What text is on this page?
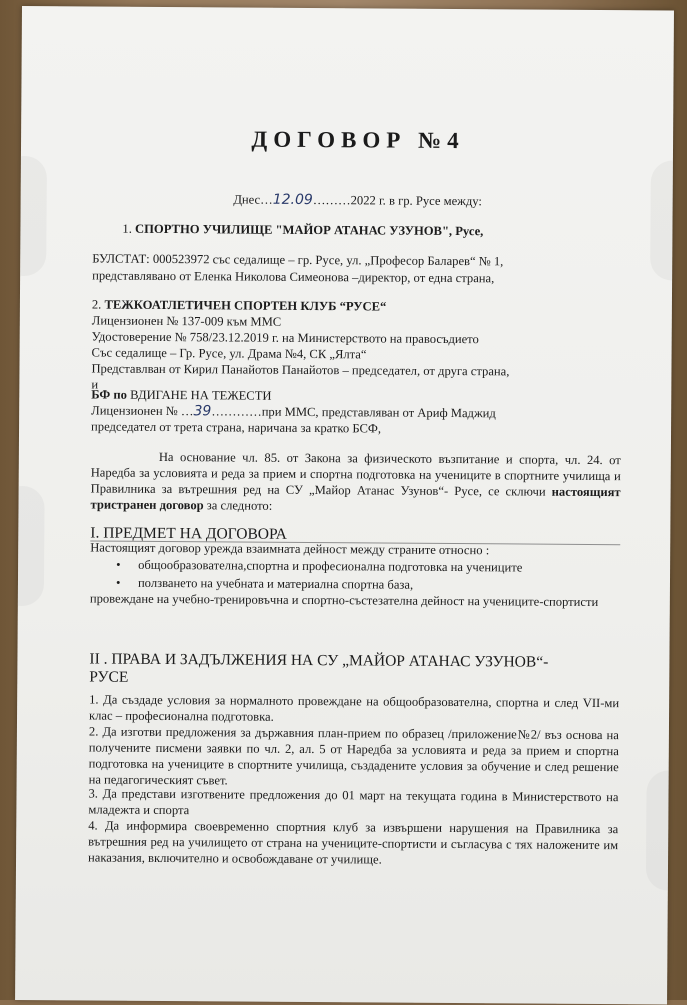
ДОГОВОР №4
Днес…12.09………2022 г. в гр. Русе между:
1. СПОРТНО УЧИЛИЩЕ "МАЙОР АТАНАС УЗУНОВ", Русе,
БУЛСТАТ: 000523972 със седалище – гр. Русе, ул. „Професор Баларев“ № 1,
представлявано от Еленка Николова Симеонова –директор, от една страна,
2. ТЕЖКОАТЛЕТИЧЕН СПОРТЕН КЛУБ “РУСЕ“
Лицензионен № 137-009 към ММС
Удостоверение № 758/23.12.2019 г. на Министерството на правосъдието
Със седалище – Гр. Русе, ул. Драма №4, СК „Ялта“
Представлван от Кирил Панайотов Панайотов – председател, от друга страна,
и
БФ по ВДИГАНЕ НА ТЕЖЕСТИ
Лицензионен № …39…………при ММС, представляван от Ариф Маджид
председател от трета страна, наричана за кратко БСФ,
На основание чл. 85. от Закона за физическото възпитание и спорта, чл. 24. от Наредба за условията и реда за прием и спортна подготовка на учениците в спортните училища и Правилника за вътрешния ред на СУ „Майор Атанас Узунов“- Русе, се сключи настоящият тристранен договор за следното:
I. ПРЕДМЕТ НА ДОГОВОРА
Настоящият договор урежда взаимната дейност между страните относно :
• общообразователна,спортна и професионална подготовка на учениците
• ползването на учебната и материална спортна база,
провеждане на учебно-тренировъчна и спортно-състезателна дейност на учениците-спортисти
II . ПРАВА И ЗАДЪЛЖЕНИЯ НА СУ „МАЙОР АТАНАС УЗУНОВ“-
РУСЕ
1. Да създаде условия за нормалното провеждане на общообразователна, спортна и след VII-ми клас – професионална подготовка.
2. Да изготви предложения за държавния план-прием по образец /приложение№2/ въз основа на получените писмени заявки по чл. 2, ал. 5 от Наредба за условията и реда за прием и спортна подготовка на учениците в спортните училища, създадените условия за обучение и след решение на педагогическият съвет.
3. Да представи изготвените предложения до 01 март на текущата година в Министерството на младежта и спорта
4. Да информира своевременно спортния клуб за извършени нарушения на Правилника за вътрешния ред на училището от страна на учениците-спортисти и съгласува с тях наложените им наказания, включително и освобождаване от училище.
